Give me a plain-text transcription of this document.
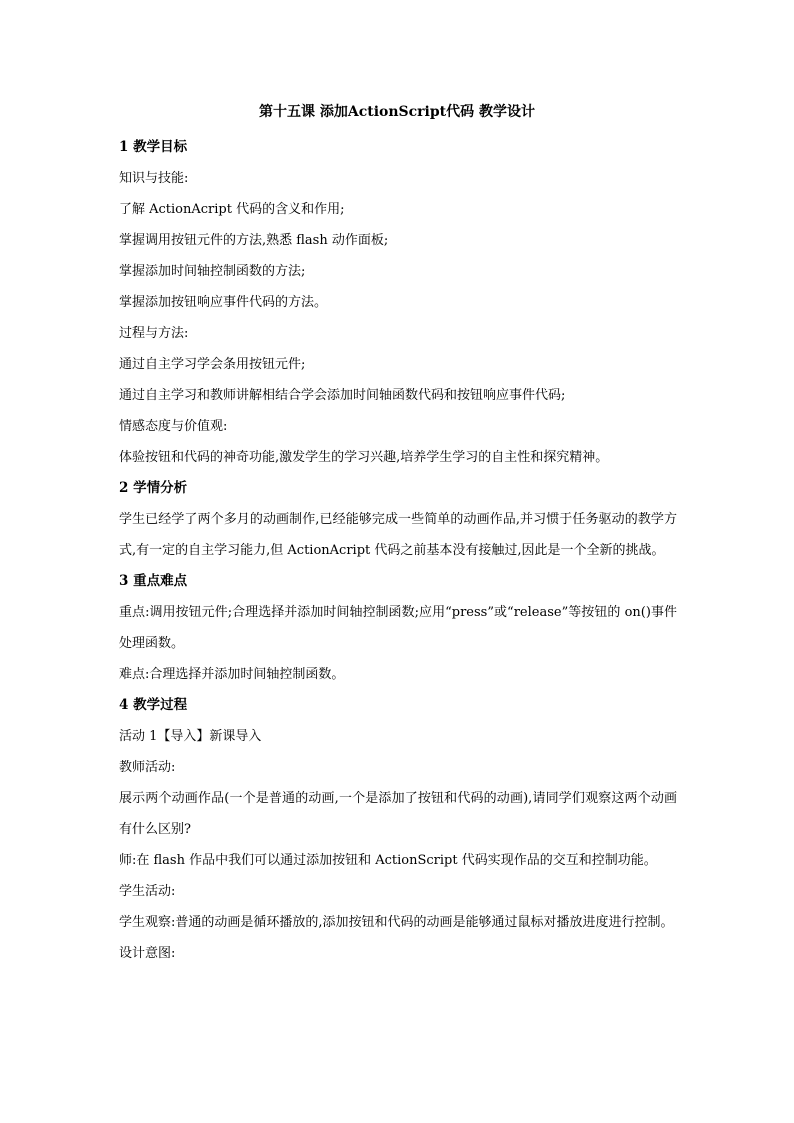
第十五课 添加ActionScript代码 教学设计

1 教学目标

知识与技能:

了解 ActionAcript 代码的含义和作用;

掌握调用按钮元件的方法,熟悉 flash 动作面板;

掌握添加时间轴控制函数的方法;

掌握添加按钮响应事件代码的方法。

过程与方法:

通过自主学习学会条用按钮元件;

通过自主学习和教师讲解相结合学会添加时间轴函数代码和按钮响应事件代码;

情感态度与价值观:

体验按钮和代码的神奇功能,激发学生的学习兴趣,培养学生学习的自主性和探究精神。

2 学情分析

学生已经学了两个多月的动画制作,已经能够完成一些简单的动画作品,并习惯于任务驱动的教学方式,有一定的自主学习能力,但 ActionAcript 代码之前基本没有接触过,因此是一个全新的挑战。

3 重点难点

重点:调用按钮元件;合理选择并添加时间轴控制函数;应用“press”或“release”等按钮的 on()事件处理函数。

难点:合理选择并添加时间轴控制函数。

4 教学过程

活动 1【导入】新课导入

教师活动:

展示两个动画作品(一个是普通的动画,一个是添加了按钮和代码的动画),请同学们观察这两个动画有什么区别?

师:在 flash 作品中我们可以通过添加按钮和 ActionScript 代码实现作品的交互和控制功能。

学生活动:

学生观察:普通的动画是循环播放的,添加按钮和代码的动画是能够通过鼠标对播放进度进行控制。

设计意图:
